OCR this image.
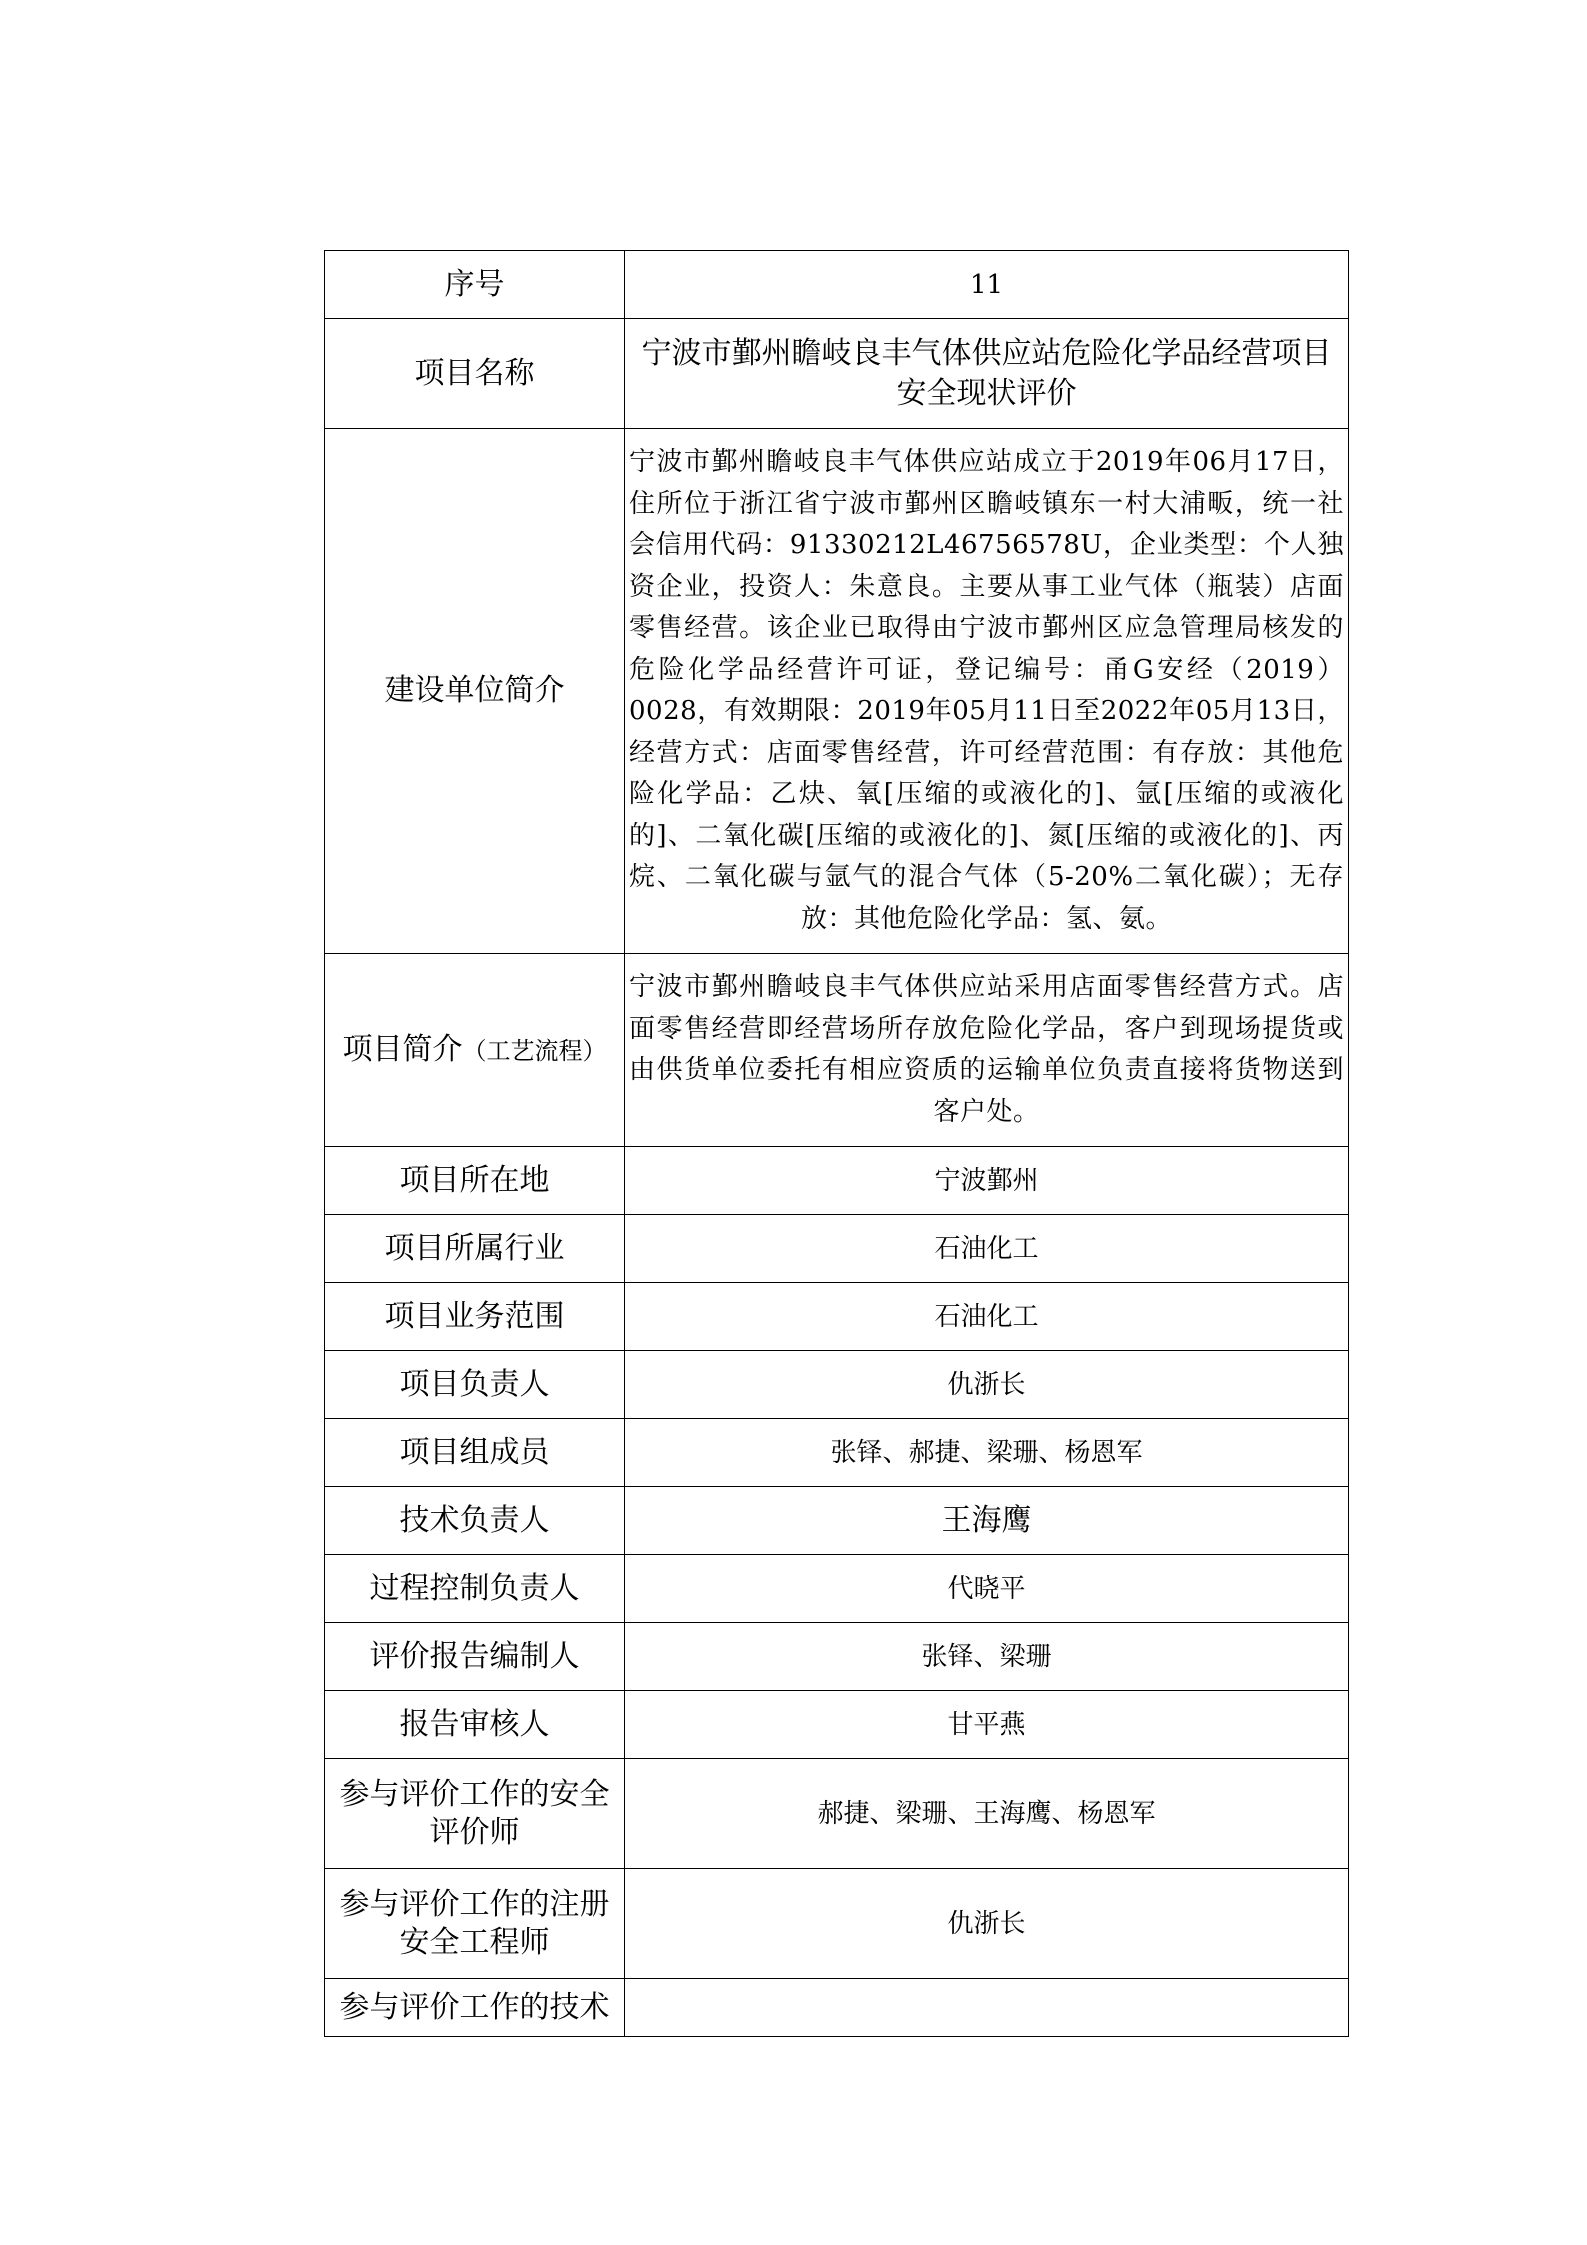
序号	11
项目名称	宁波市鄞州瞻岐良丰气体供应站危险化学品经营项目安全现状评价
建设单位简介	宁波市鄞州瞻岐良丰气体供应站成立于2019年06月17日，住所位于浙江省宁波市鄞州区瞻岐镇东一村大浦畈，统一社会信用代码：91330212L46756578U，企业类型：个人独资企业，投资人：朱意良。主要从事工业气体（瓶装）店面零售经营。该企业已取得由宁波市鄞州区应急管理局核发的危险化学品经营许可证，登记编号：甬G安经（2019）0028，有效期限：2019年05月11日至2022年05月13日，经营方式：店面零售经营，许可经营范围：有存放：其他危险化学品：乙炔、氧[压缩的或液化的]、氩[压缩的或液化的]、二氧化碳[压缩的或液化的]、氮[压缩的或液化的]、丙烷、二氧化碳与氩气的混合气体（5-20%二氧化碳）；无存放：其他危险化学品：氢、氨。
项目简介（工艺流程）	宁波市鄞州瞻岐良丰气体供应站采用店面零售经营方式。店面零售经营即经营场所存放危险化学品，客户到现场提货或由供货单位委托有相应资质的运输单位负责直接将货物送到客户处。
项目所在地	宁波鄞州
项目所属行业	石油化工
项目业务范围	石油化工
项目负责人	仇浙长
项目组成员	张铎、郝捷、梁珊、杨恩军
技术负责人	王海鹰
过程控制负责人	代晓平
评价报告编制人	张铎、梁珊
报告审核人	甘平燕
参与评价工作的安全评价师	郝捷、梁珊、王海鹰、杨恩军
参与评价工作的注册安全工程师	仇浙长
参与评价工作的技术	
